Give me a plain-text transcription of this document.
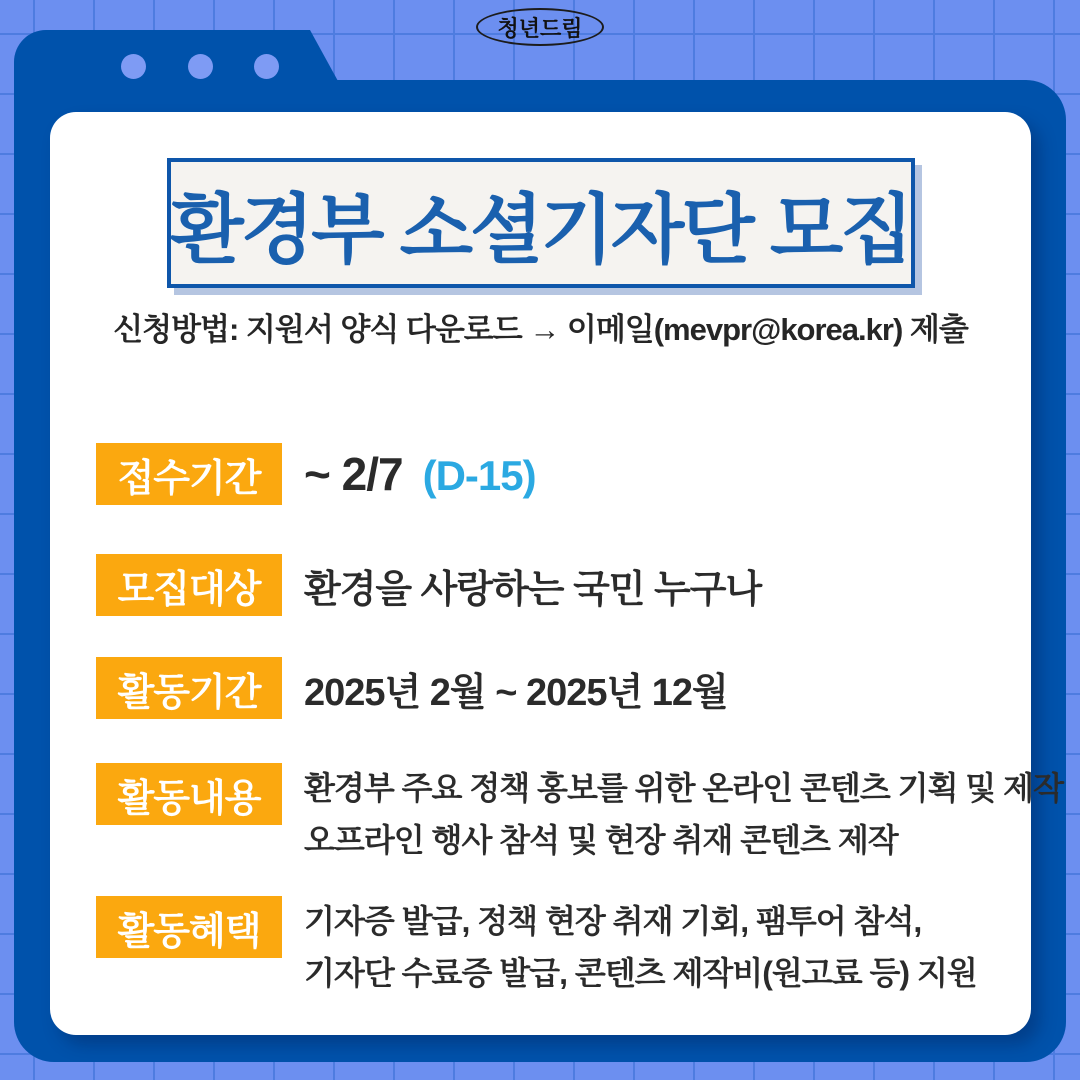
청년드림
환경부 소셜기자단 모집
신청방법: 지원서 양식 다운로드 → 이메일(mevpr@korea.kr) 제출
접수기간 ~ 2/7 (D-15)
모집대상	환경을 사랑하는 국민 누구나
활동기간	2025년 2월 ~ 2025년 12월
활동내용	환경부 주요 정책 홍보를 위한 온라인 콘텐츠 기획 및 제작
오프라인 행사 참석 및 현장 취재 콘텐츠 제작
활동혜택	기자증 발급, 정책 현장 취재 기회, 팸투어 참석,
기자단 수료증 발급, 콘텐츠 제작비(원고료 등) 지원
